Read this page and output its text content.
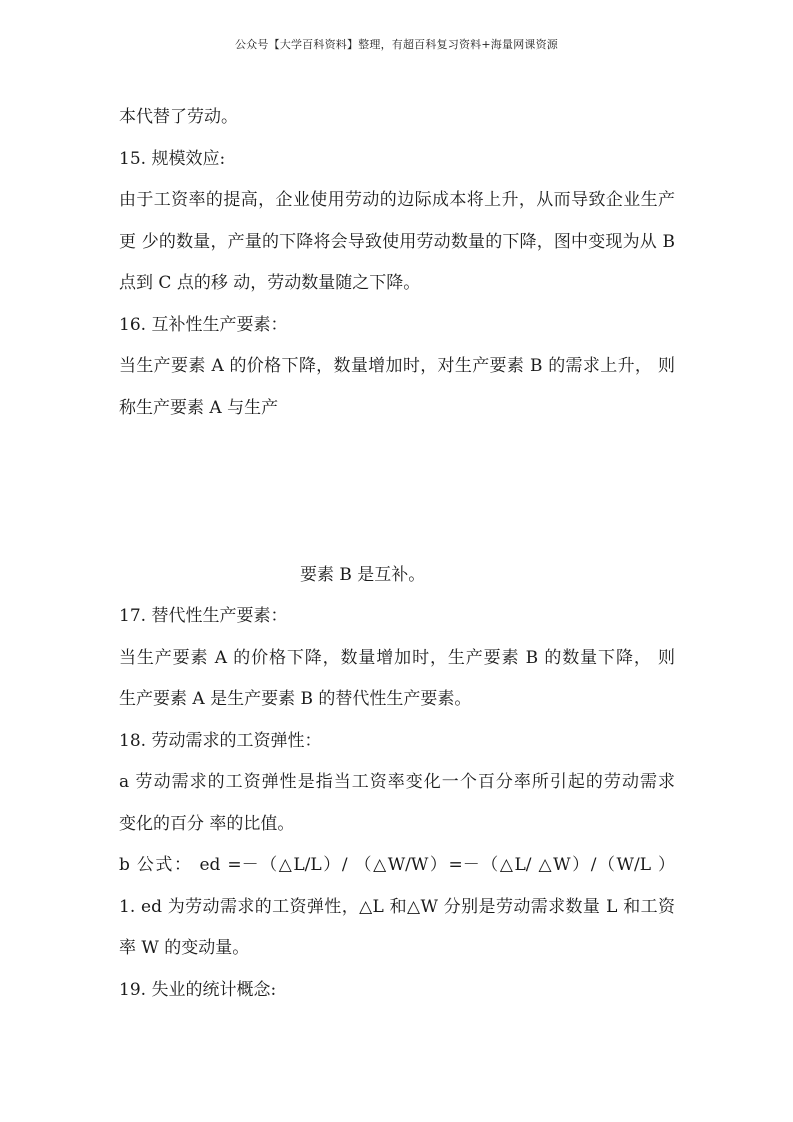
公众号【大学百科资料】整理，有超百科复习资料+海量网课资源
本代替了劳动。
15. 规模效应:
由于工资率的提高，企业使用劳动的边际成本将上升，从而导致企业生产
更 少的数量，产量的下降将会导致使用劳动数量的下降，图中变现为从 B
点到 C 点的移 动，劳动数量随之下降。
16. 互补性生产要素：
当生产要素 A 的价格下降，数量增加时，对生产要素 B 的需求上升， 则
称生产要素 A 与生产
要素 B 是互补。
17. 替代性生产要素：
当生产要素 A 的价格下降，数量增加时，生产要素 B 的数量下降， 则
生产要素 A 是生产要素 B 的替代性生产要素。
18. 劳动需求的工资弹性：
a 劳动需求的工资弹性是指当工资率变化一个百分率所引起的劳动需求
变化的百分 率的比值。
b 公式： ed =－（△L/L）/ （△W/W）=－（△L/ △W）/（W/L ）
1. ed 为劳动需求的工资弹性，△L 和△W 分别是劳动需求数量 L 和工资
率 W 的变动量。
19. 失业的统计概念:
